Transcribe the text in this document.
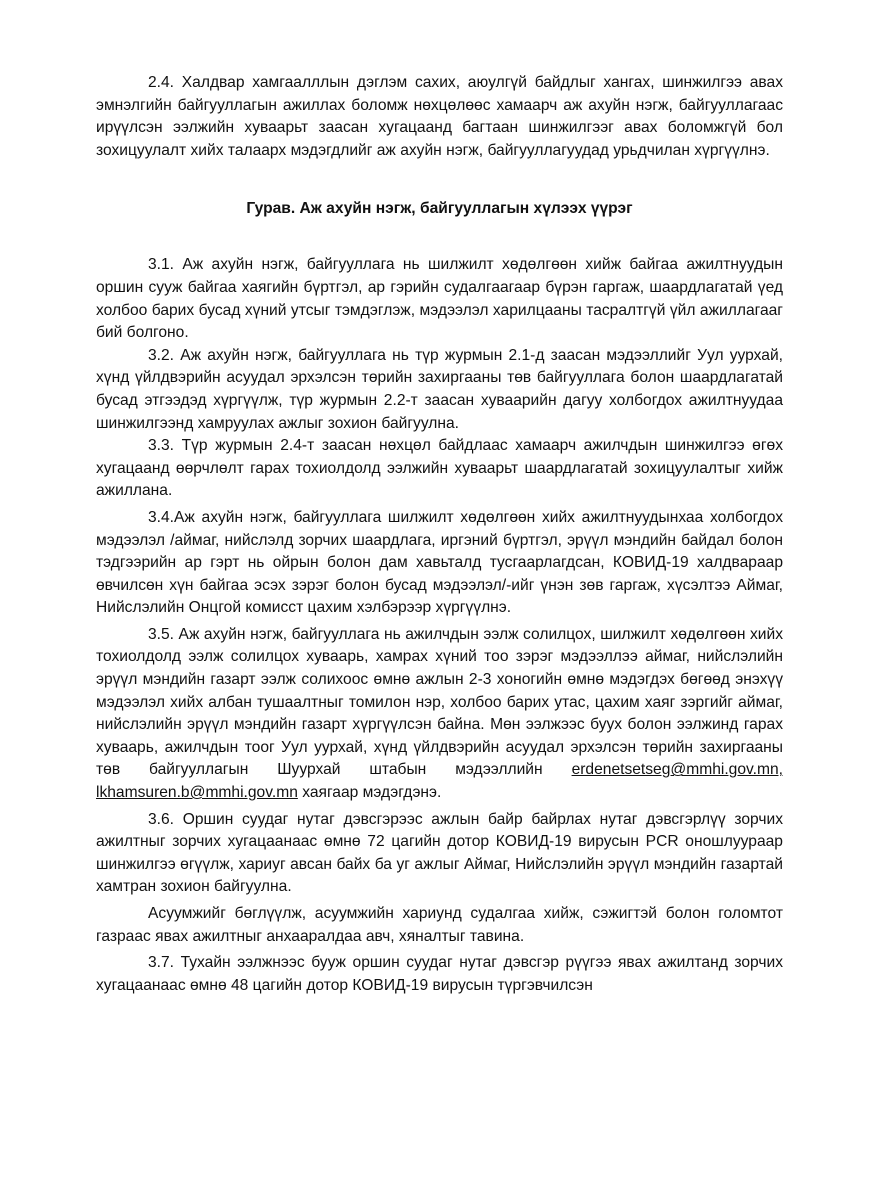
2.4. Халдвар хамгаалллын дэглэм сахих, аюулгүй байдлыг хангах, шинжилгээ авах эмнэлгийн байгууллагын ажиллах боломж нөхцөлөөс хамаарч аж ахуйн нэгж, байгууллагаас ирүүлсэн ээлжийн хуваарьт заасан хугацаанд багтаан шинжилгээг авах боломжгүй бол зохицуулалт хийх талаарх мэдэгдлийг аж ахуйн нэгж, байгууллагуудад урьдчилан хүргүүлнэ.

Гурав. Аж ахуйн нэгж, байгууллагын хүлээх үүрэг

3.1. Аж ахуйн нэгж, байгууллага нь шилжилт хөдөлгөөн хийж байгаа ажилтнуудын оршин сууж байгаа хаягийн бүртгэл, ар гэрийн судалгаагаар бүрэн гаргаж, шаардлагатай үед холбоо барих бусад хүний утсыг тэмдэглэж, мэдээлэл харилцааны тасралтгүй үйл ажиллагааг бий болгоно.

3.2. Аж ахуйн нэгж, байгууллага нь түр журмын 2.1-д заасан мэдээллийг Уул уурхай, хүнд үйлдвэрийн асуудал эрхэлсэн төрийн захиргааны төв байгууллага болон шаардлагатай бусад этгээдэд хүргүүлж, түр журмын 2.2-т заасан хуваарийн дагуу холбогдох ажилтнуудаа шинжилгээнд хамруулах ажлыг зохион байгуулна.

3.3. Түр журмын 2.4-т заасан нөхцөл байдлаас хамаарч ажилчдын шинжилгээ өгөх хугацаанд өөрчлөлт гарах тохиолдолд ээлжийн хуваарьт шаардлагатай зохицуулалтыг хийж ажиллана.

3.4.Аж ахуйн нэгж, байгууллага шилжилт хөдөлгөөн хийх ажилтнуудынхаа холбогдох мэдээлэл /аймаг, нийслэлд зорчих шаардлага, иргэний бүртгэл, эрүүл мэндийн байдал болон тэдгээрийн ар гэрт нь ойрын болон дам хавьталд тусгаарлагдсан, КОВИД-19 халдвараар өвчилсөн хүн байгаа эсэх зэрэг болон бусад мэдээлэл/-ийг үнэн зөв гаргаж, хүсэлтээ Аймаг, Нийслэлийн Онцгой комисст цахим хэлбэрээр хүргүүлнэ.

3.5. Аж ахуйн нэгж, байгууллага нь ажилчдын ээлж солилцох, шилжилт хөдөлгөөн хийх тохиолдолд ээлж солилцох хуваарь, хамрах хүний тоо зэрэг мэдээллээ аймаг, нийслэлийн эрүүл мэндийн газарт ээлж солихоос өмнө ажлын 2-3 хоногийн өмнө мэдэгдэх бөгөөд энэхүү мэдээлэл хийх албан тушаалтныг томилон нэр, холбоо барих утас, цахим хаяг зэргийг аймаг, нийслэлийн эрүүл мэндийн газарт хүргүүлсэн байна. Мөн ээлжээс буух болон ээлжинд гарах хуваарь, ажилчдын тоог Уул уурхай, хүнд үйлдвэрийн асуудал эрхэлсэн төрийн захиргааны төв байгууллагын Шуурхай штабын мэдээллийн erdenetsetseg@mmhi.gov.mn, lkhamsuren.b@mmhi.gov.mn хаягаар мэдэгдэнэ.

3.6. Оршин суудаг нутаг дэвсгэрээс ажлын байр байрлах нутаг дэвсгэрлүү зорчих ажилтныг зорчих хугацаанаас өмнө 72 цагийн дотор КОВИД-19 вирусын PCR оношлуураар шинжилгээ өгүүлж, хариуг авсан байх ба уг ажлыг Аймаг, Нийслэлийн эрүүл мэндийн газартай хамтран зохион байгуулна.

Асуумжийг бөглүүлж, асуумжийн хариунд судалгаа хийж, сэжигтэй болон голомтот газраас явах ажилтныг анхааралдаа авч, хяналтыг тавина.

3.7. Тухайн ээлжнээс бууж оршин суудаг нутаг дэвсгэр рүүгээ явах ажилтанд зорчих хугацаанаас өмнө 48 цагийн дотор КОВИД-19 вирусын түргэвчилсэн
